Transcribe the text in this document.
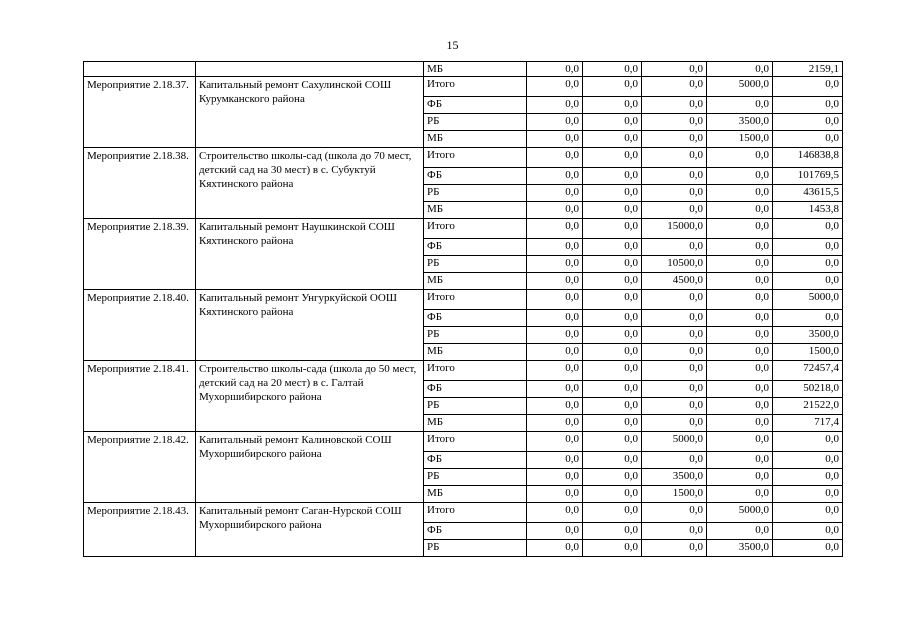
15
		МБ	0,0	0,0	0,0	0,0	2159,1
Мероприятие 2.18.37.	Капитальный ремонт Сахулинской СОШ Курумканского района	Итого	0,0	0,0	0,0	5000,0	0,0
		ФБ	0,0	0,0	0,0	0,0	0,0
		РБ	0,0	0,0	0,0	3500,0	0,0
		МБ	0,0	0,0	0,0	1500,0	0,0
Мероприятие 2.18.38.	Строительство школы-сад (школа до 70 мест, детский сад на 30 мест) в с. Субуктуй Кяхтинского района	Итого	0,0	0,0	0,0	0,0	146838,8
		ФБ	0,0	0,0	0,0	0,0	101769,5
		РБ	0,0	0,0	0,0	0,0	43615,5
		МБ	0,0	0,0	0,0	0,0	1453,8
Мероприятие 2.18.39.	Капитальный ремонт Наушкинской СОШ Кяхтинского района	Итого	0,0	0,0	15000,0	0,0	0,0
		ФБ	0,0	0,0	0,0	0,0	0,0
		РБ	0,0	0,0	10500,0	0,0	0,0
		МБ	0,0	0,0	4500,0	0,0	0,0
Мероприятие 2.18.40.	Капитальный ремонт Унгуркуйской ООШ Кяхтинского района	Итого	0,0	0,0	0,0	0,0	5000,0
		ФБ	0,0	0,0	0,0	0,0	0,0
		РБ	0,0	0,0	0,0	0,0	3500,0
		МБ	0,0	0,0	0,0	0,0	1500,0
Мероприятие 2.18.41.	Строительство школы-сада (школа до 50 мест, детский сад на 20 мест) в с. Галтай Мухоршибирского района	Итого	0,0	0,0	0,0	0,0	72457,4
		ФБ	0,0	0,0	0,0	0,0	50218,0
		РБ	0,0	0,0	0,0	0,0	21522,0
		МБ	0,0	0,0	0,0	0,0	717,4
Мероприятие 2.18.42.	Капитальный ремонт Калиновской СОШ Мухоршибирского района	Итого	0,0	0,0	5000,0	0,0	0,0
		ФБ	0,0	0,0	0,0	0,0	0,0
		РБ	0,0	0,0	3500,0	0,0	0,0
		МБ	0,0	0,0	1500,0	0,0	0,0
Мероприятие 2.18.43.	Капитальный ремонт Саган-Нурской СОШ Мухоршибирского района	Итого	0,0	0,0	0,0	5000,0	0,0
		ФБ	0,0	0,0	0,0	0,0	0,0
		РБ	0,0	0,0	0,0	3500,0	0,0
